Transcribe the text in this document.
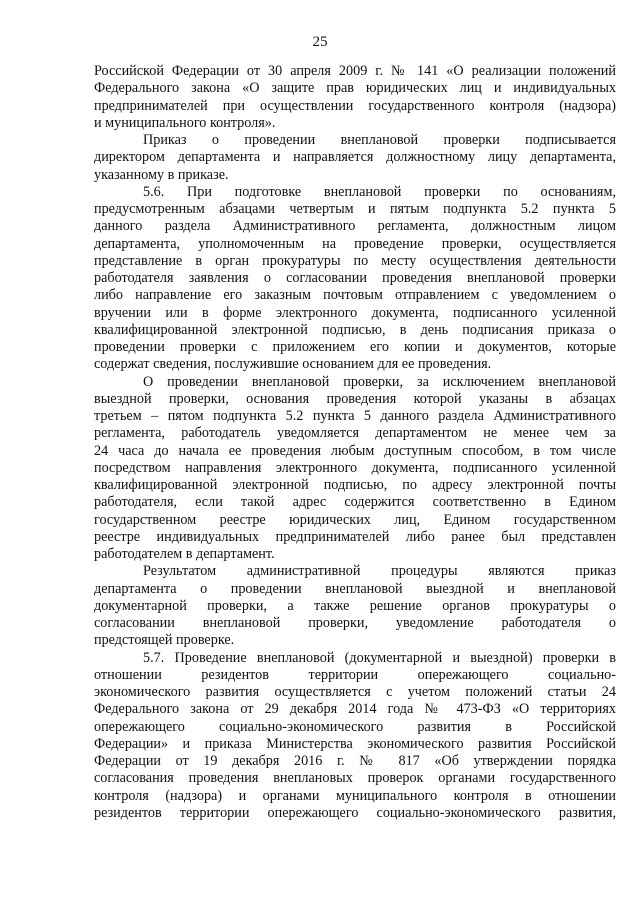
25
Российской Федерации от 30 апреля 2009 г. № 141 «О реализации положений
Федерального закона «О защите прав юридических лиц и индивидуальных
предпринимателей при осуществлении государственного контроля (надзора)
и муниципального контроля».
Приказ о проведении внеплановой проверки подписывается
директором департамента и направляется должностному лицу департамента,
указанному в приказе.
5.6. При подготовке внеплановой проверки по основаниям,
предусмотренным абзацами четвертым и пятым подпункта 5.2 пункта 5
данного раздела Административного регламента, должностным лицом
департамента, уполномоченным на проведение проверки, осуществляется
представление в орган прокуратуры по месту осуществления деятельности
работодателя заявления о согласовании проведения внеплановой проверки
либо направление его заказным почтовым отправлением с уведомлением о
вручении или в форме электронного документа, подписанного усиленной
квалифицированной электронной подписью, в день подписания приказа о
проведении проверки с приложением его копии и документов, которые
содержат сведения, послужившие основанием для ее проведения.
О проведении внеплановой проверки, за исключением внеплановой
выездной проверки, основания проведения которой указаны в абзацах
третьем – пятом подпункта 5.2 пункта 5 данного раздела Административного
регламента, работодатель уведомляется департаментом не менее чем за
24 часа до начала ее проведения любым доступным способом, в том числе
посредством направления электронного документа, подписанного усиленной
квалифицированной электронной подписью, по адресу электронной почты
работодателя, если такой адрес содержится соответственно в Едином
государственном реестре юридических лиц, Едином государственном
реестре индивидуальных предпринимателей либо ранее был представлен
работодателем в департамент.
Результатом административной процедуры являются приказ
департамента о проведении внеплановой выездной и внеплановой
документарной проверки, а также решение органов прокуратуры о
согласовании внеплановой проверки, уведомление работодателя о
предстоящей проверке.
5.7. Проведение внеплановой (документарной и выездной) проверки в
отношении резидентов территории опережающего социально-
экономического развития осуществляется с учетом положений статьи 24
Федерального закона от 29 декабря 2014 года № 473-ФЗ «О территориях
опережающего социально-экономического развития в Российской
Федерации» и приказа Министерства экономического развития Российской
Федерации от 19 декабря 2016 г. № 817 «Об утверждении порядка
согласования проведения внеплановых проверок органами государственного
контроля (надзора) и органами муниципального контроля в отношении
резидентов территории опережающего социально-экономического развития,
